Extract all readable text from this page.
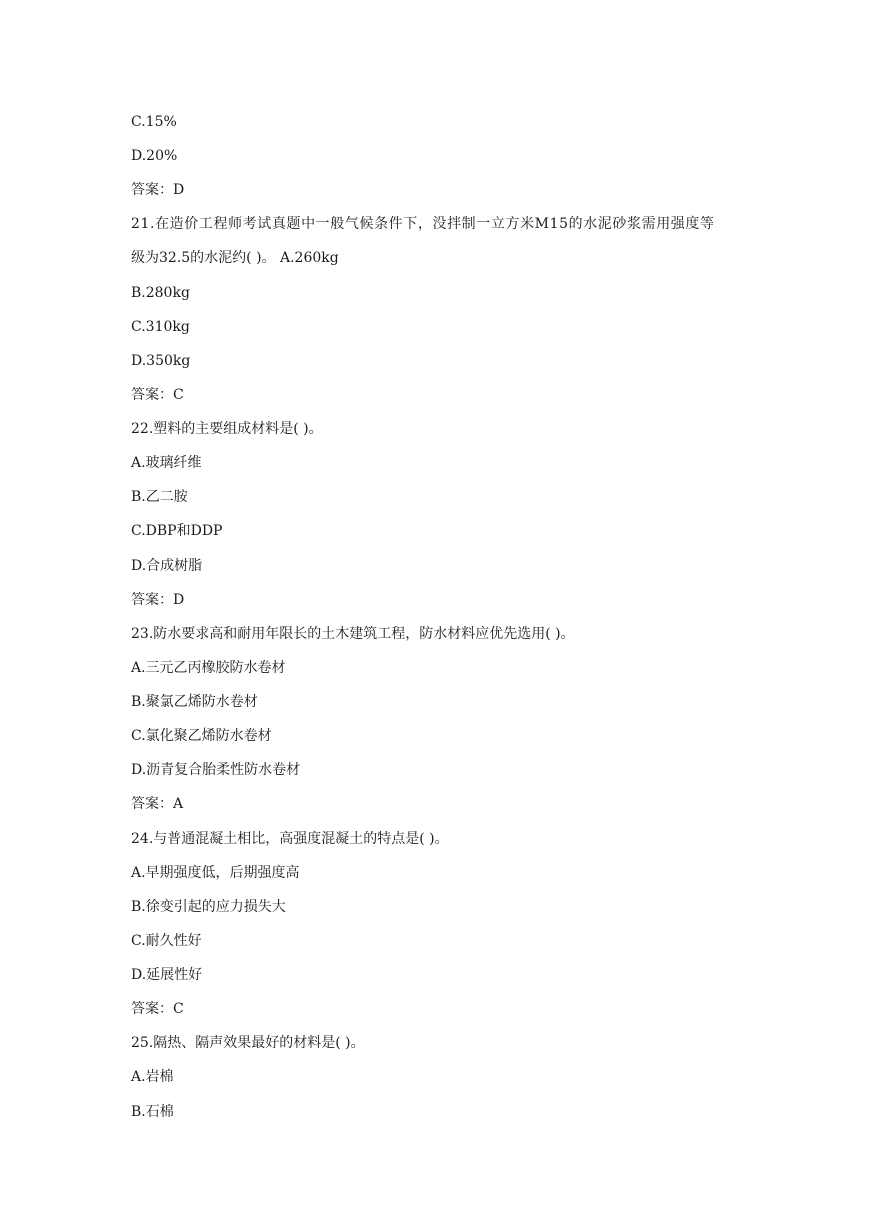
C.15%
D.20%
答案：D
21.在造价工程师考试真题中一般气候条件下，没拌制一立方米M15的水泥砂浆需用强度等
级为32.5的水泥约( )。 A.260kg
B.280kg
C.310kg
D.350kg
答案：C
22.塑料的主要组成材料是( )。
A.玻璃纤维
B.乙二胺
C.DBP和DDP
D.合成树脂
答案：D
23.防水要求高和耐用年限长的土木建筑工程，防水材料应优先选用( )。
A.三元乙丙橡胶防水卷材
B.聚氯乙烯防水卷材
C.氯化聚乙烯防水卷材
D.沥青复合胎柔性防水卷材
答案：A
24.与普通混凝土相比，高强度混凝土的特点是( )。
A.早期强度低，后期强度高
B.徐变引起的应力损失大
C.耐久性好
D.延展性好
答案：C
25.隔热、隔声效果最好的材料是( )。
A.岩棉
B.石棉
